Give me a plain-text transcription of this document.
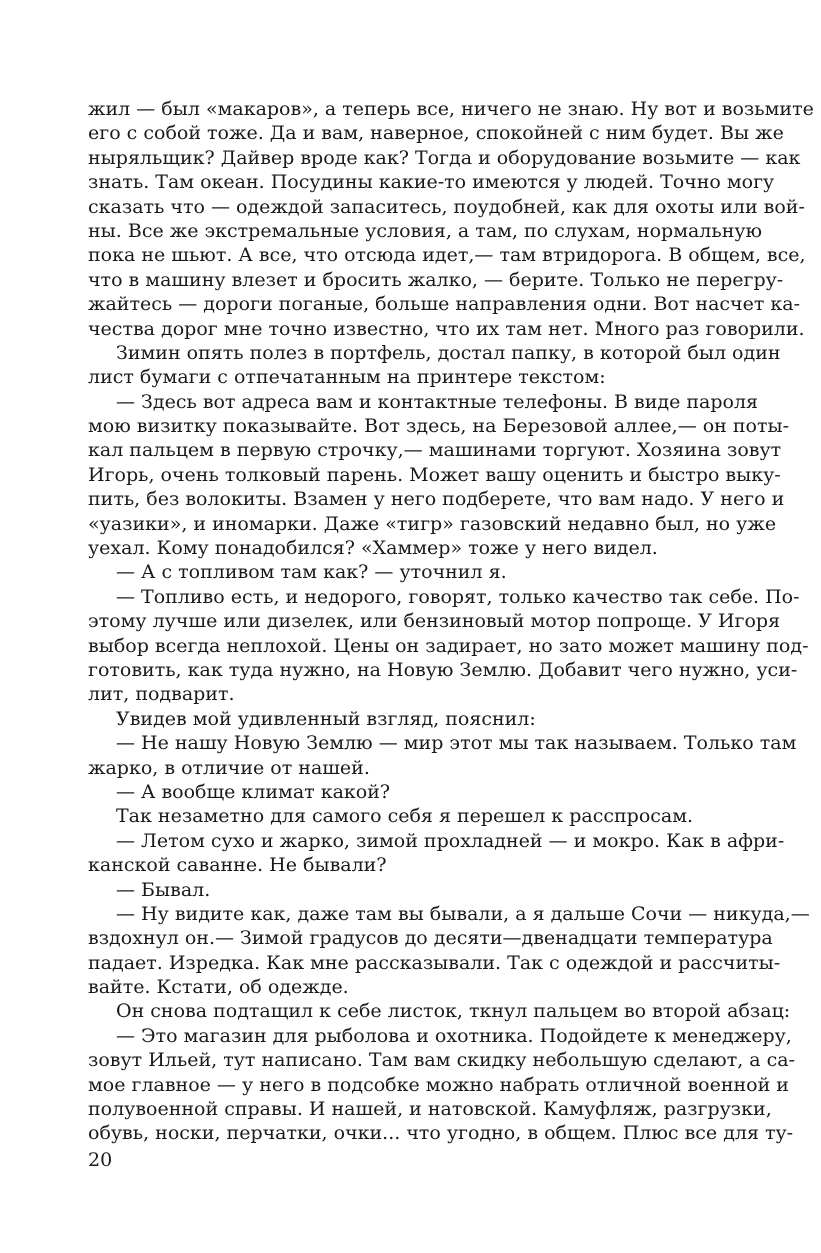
жил — был «макаров», а теперь все, ничего не знаю. Ну вот и возьмите
его с собой тоже. Да и вам, наверное, спокойней с ним будет. Вы же
ныряльщик? Дайвер вроде как? Тогда и оборудование возьмите — как
знать. Там океан. Посудины какие-то имеются у людей. Точно могу
сказать что — одеждой запаситесь, поудобней, как для охоты или вой-
ны. Все же экстремальные условия, а там, по слухам, нормальную
пока не шьют. А все, что отсюда идет,— там втридорога. В общем, все,
что в машину влезет и бросить жалко, — берите. Только не перегру-
жайтесь — дороги поганые, больше направления одни. Вот насчет ка-
чества дорог мне точно известно, что их там нет. Много раз говорили.
Зимин опять полез в портфель, достал папку, в которой был один
лист бумаги с отпечатанным на принтере текстом:
— Здесь вот адреса вам и контактные телефоны. В виде пароля
мою визитку показывайте. Вот здесь, на Березовой аллее,— он поты-
кал пальцем в первую строчку,— машинами торгуют. Хозяина зовут
Игорь, очень толковый парень. Может вашу оценить и быстро выку-
пить, без волокиты. Взамен у него подберете, что вам надо. У него и
«уазики», и иномарки. Даже «тигр» газовский недавно был, но уже
уехал. Кому понадобился? «Хаммер» тоже у него видел.
— А с топливом там как? — уточнил я.
— Топливо есть, и недорого, говорят, только качество так себе. По-
этому лучше или дизелек, или бензиновый мотор попроще. У Игоря
выбор всегда неплохой. Цены он задирает, но зато может машину под-
готовить, как туда нужно, на Новую Землю. Добавит чего нужно, уси-
лит, подварит.
Увидев мой удивленный взгляд, пояснил:
— Не нашу Новую Землю — мир этот мы так называем. Только там
жарко, в отличие от нашей.
— А вообще климат какой?
Так незаметно для самого себя я перешел к расспросам.
— Летом сухо и жарко, зимой прохладней — и мокро. Как в афри-
канской саванне. Не бывали?
— Бывал.
— Ну видите как, даже там вы бывали, а я дальше Сочи — никуда,—
вздохнул он.— Зимой градусов до десяти—двенадцати температура
падает. Изредка. Как мне рассказывали. Так с одеждой и рассчиты-
вайте. Кстати, об одежде.
Он снова подтащил к себе листок, ткнул пальцем во второй абзац:
— Это магазин для рыболова и охотника. Подойдете к менеджеру,
зовут Ильей, тут написано. Там вам скидку небольшую сделают, а са-
мое главное — у него в подсобке можно набрать отличной военной и
полувоенной справы. И нашей, и натовской. Камуфляж, разгрузки,
обувь, носки, перчатки, очки... что угодно, в общем. Плюс все для ту-
20
